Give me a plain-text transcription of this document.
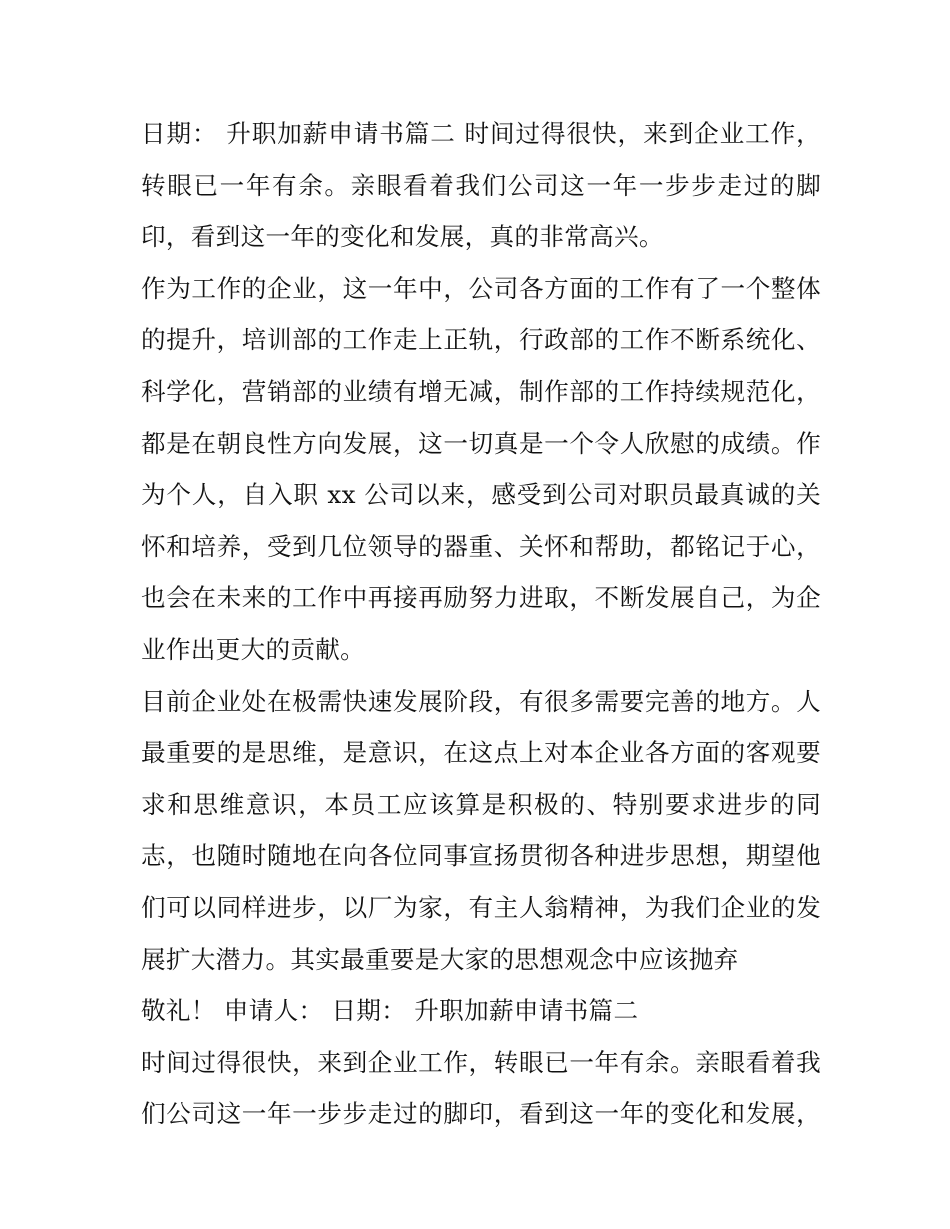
日期： 升职加薪申请书篇二 时间过得很快，来到企业工作，
转眼已一年有余。亲眼看着我们公司这一年一步步走过的脚
印，看到这一年的变化和发展，真的非常高兴。
作为工作的企业，这一年中，公司各方面的工作有了一个整体
的提升，培训部的工作走上正轨，行政部的工作不断系统化、
科学化，营销部的业绩有增无减，制作部的工作持续规范化，
都是在朝良性方向发展，这一切真是一个令人欣慰的成绩。作
为个人，自入职 xx 公司以来，感受到公司对职员最真诚的关
怀和培养，受到几位领导的器重、关怀和帮助，都铭记于心，
也会在未来的工作中再接再励努力进取，不断发展自己，为企
业作出更大的贡献。
目前企业处在极需快速发展阶段，有很多需要完善的地方。人
最重要的是思维，是意识，在这点上对本企业各方面的客观要
求和思维意识，本员工应该算是积极的、特别要求进步的同
志，也随时随地在向各位同事宣扬贯彻各种进步思想，期望他
们可以同样进步，以厂为家，有主人翁精神，为我们企业的发
展扩大潜力。其实最重要是大家的思想观念中应该抛弃
敬礼！ 申请人： 日期： 升职加薪申请书篇二
时间过得很快，来到企业工作，转眼已一年有余。亲眼看着我
们公司这一年一步步走过的脚印，看到这一年的变化和发展，
